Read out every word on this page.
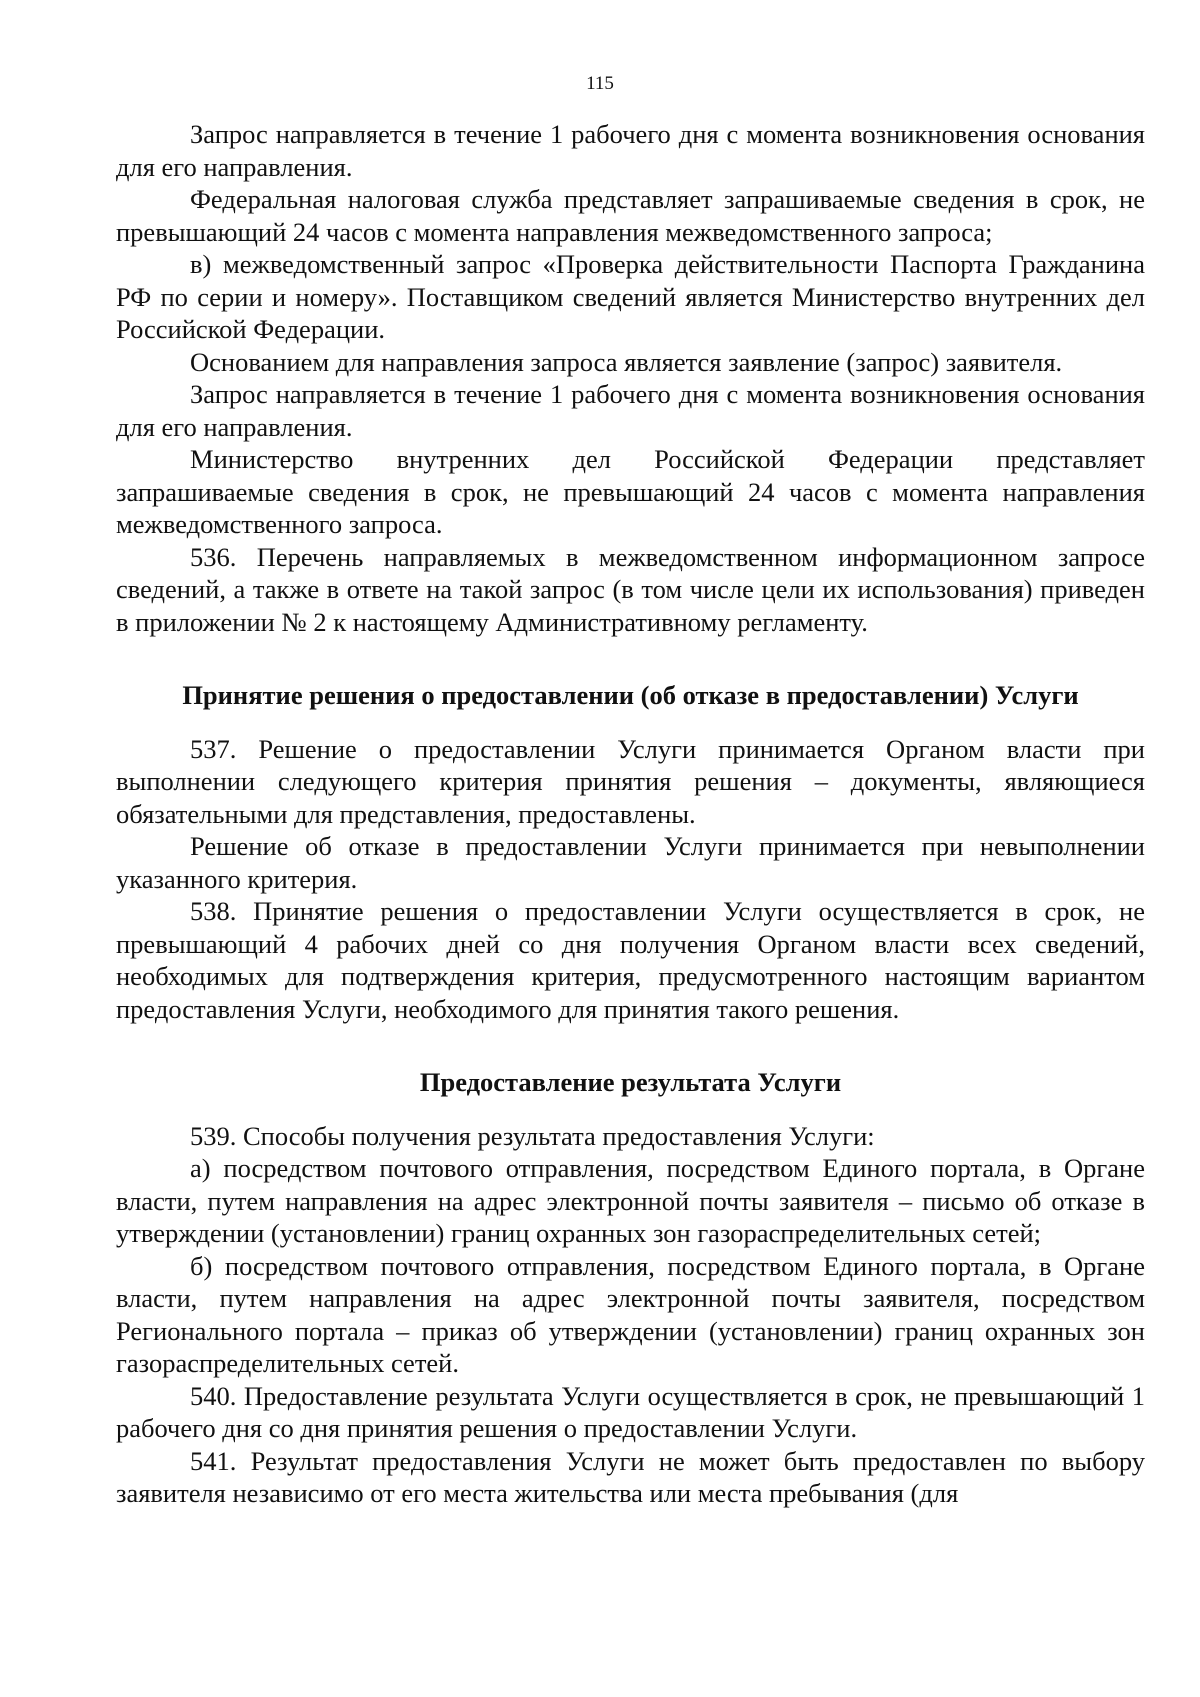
115

Запрос направляется в течение 1 рабочего дня с момента возникновения основания для его направления.

Федеральная налоговая служба представляет запрашиваемые сведения в срок, не превышающий 24 часов с момента направления межведомственного запроса;

в) межведомственный запрос «Проверка действительности Паспорта Гражданина РФ по серии и номеру». Поставщиком сведений является Министерство внутренних дел Российской Федерации.

Основанием для направления запроса является заявление (запрос) заявителя.

Запрос направляется в течение 1 рабочего дня с момента возникновения основания для его направления.

Министерство внутренних дел Российской Федерации представляет запрашиваемые сведения в срок, не превышающий 24 часов с момента направления межведомственного запроса.

536. Перечень направляемых в межведомственном информационном запросе сведений, а также в ответе на такой запрос (в том числе цели их использования) приведен в приложении № 2 к настоящему Административному регламенту.

Принятие решения о предоставлении (об отказе в предоставлении) Услуги

537. Решение о предоставлении Услуги принимается Органом власти при выполнении следующего критерия принятия решения – документы, являющиеся обязательными для представления, предоставлены.

Решение об отказе в предоставлении Услуги принимается при невыполнении указанного критерия.

538. Принятие решения о предоставлении Услуги осуществляется в срок, не превышающий 4 рабочих дней со дня получения Органом власти всех сведений, необходимых для подтверждения критерия, предусмотренного настоящим вариантом предоставления Услуги, необходимого для принятия такого решения.

Предоставление результата Услуги

539. Способы получения результата предоставления Услуги:

а) посредством почтового отправления, посредством Единого портала, в Органе власти, путем направления на адрес электронной почты заявителя – письмо об отказе в утверждении (установлении) границ охранных зон газораспределительных сетей;

б) посредством почтового отправления, посредством Единого портала, в Органе власти, путем направления на адрес электронной почты заявителя, посредством Регионального портала – приказ об утверждении (установлении) границ охранных зон газораспределительных сетей.

540. Предоставление результата Услуги осуществляется в срок, не превышающий 1 рабочего дня со дня принятия решения о предоставлении Услуги.

541. Результат предоставления Услуги не может быть предоставлен по выбору заявителя независимо от его места жительства или места пребывания (для
